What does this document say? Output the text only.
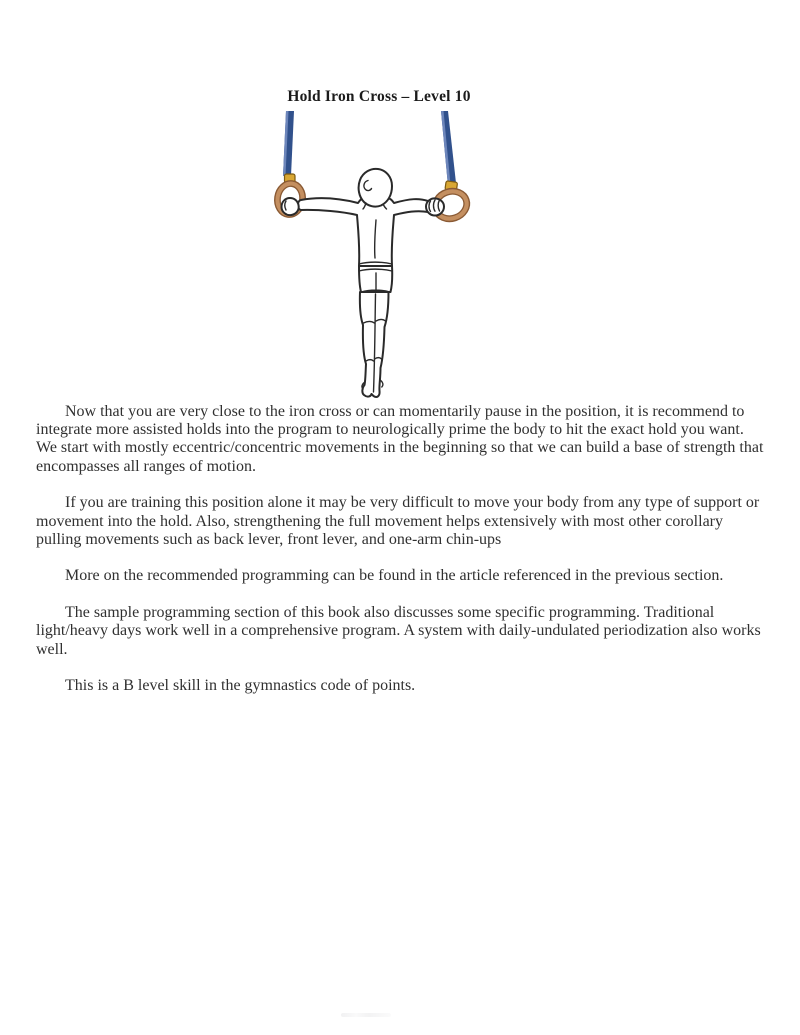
Hold Iron Cross – Level 10

Now that you are very close to the iron cross or can momentarily pause in the position, it is recommend to integrate more assisted holds into the program to neurologically prime the body to hit the exact hold you want. We start with mostly eccentric/concentric movements in the beginning so that we can build a base of strength that encompasses all ranges of motion.

If you are training this position alone it may be very difficult to move your body from any type of support or movement into the hold. Also, strengthening the full movement helps extensively with most other corollary pulling movements such as back lever, front lever, and one-arm chin-ups

More on the recommended programming can be found in the article referenced in the previous section.

The sample programming section of this book also discusses some specific programming. Traditional light/heavy days work well in a comprehensive program. A system with daily-undulated periodization also works well.

This is a B level skill in the gymnastics code of points.
